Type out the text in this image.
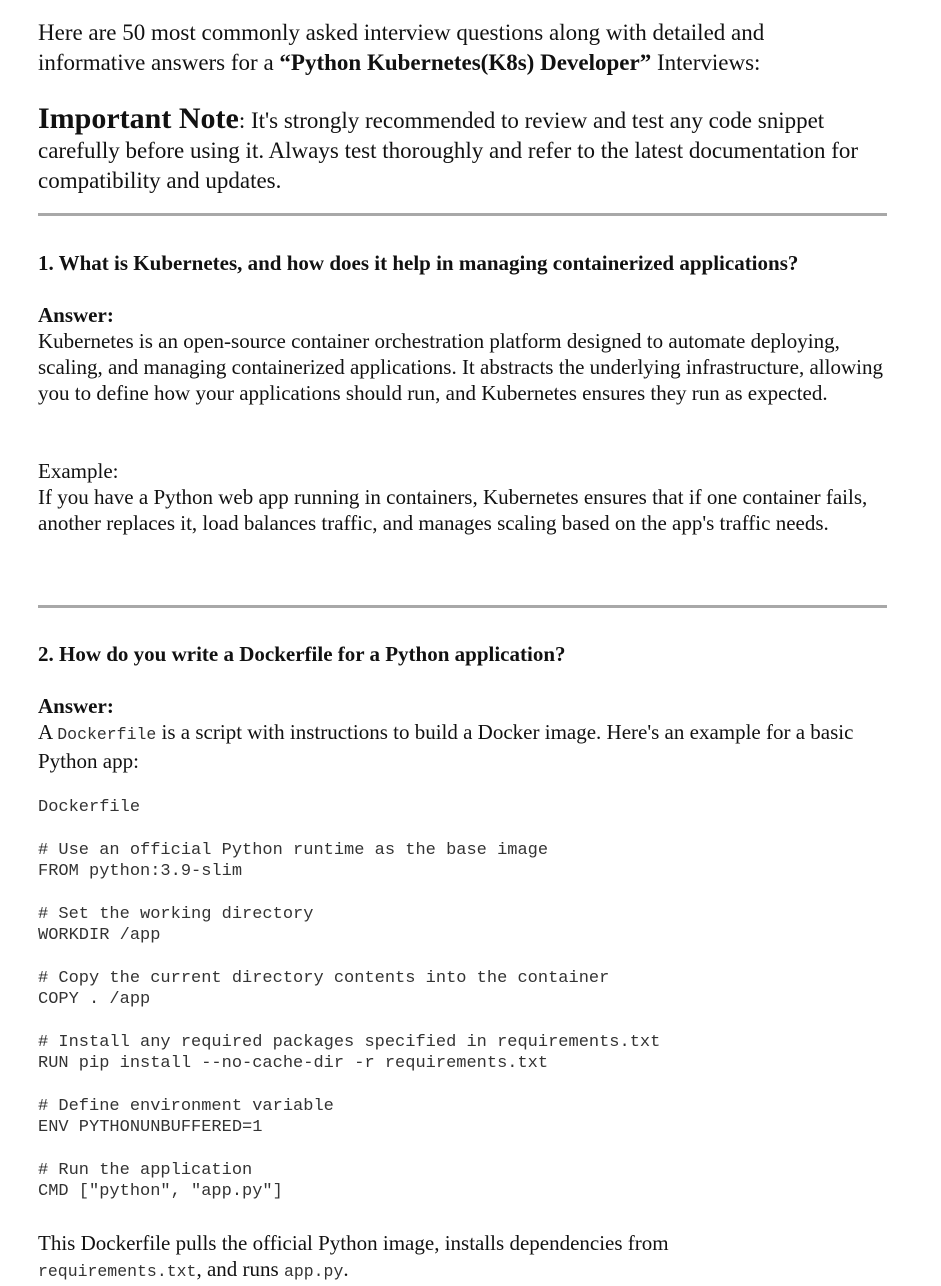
Here are 50 most commonly asked interview questions along with detailed and
informative answers for a “Python Kubernetes(K8s) Developer” Interviews:
Important Note: It's strongly recommended to review and test any code snippet carefully before using it. Always test thoroughly and refer to the latest documentation for compatibility and updates.
1. What is Kubernetes, and how does it help in managing containerized applications?
Answer:
Kubernetes is an open-source container orchestration platform designed to automate deploying, scaling, and managing containerized applications. It abstracts the underlying infrastructure, allowing you to define how your applications should run, and Kubernetes ensures they run as expected.
Example:
If you have a Python web app running in containers, Kubernetes ensures that if one container fails, another replaces it, load balances traffic, and manages scaling based on the app's traffic needs.
2. How do you write a Dockerfile for a Python application?
Answer:
A Dockerfile is a script with instructions to build a Docker image. Here's an example for a basic Python app:
Dockerfile
# Use an official Python runtime as the base image
FROM python:3.9-slim
# Set the working directory
WORKDIR /app
# Copy the current directory contents into the container
COPY . /app
# Install any required packages specified in requirements.txt
RUN pip install --no-cache-dir -r requirements.txt
# Define environment variable
ENV PYTHONUNBUFFERED=1
# Run the application
CMD ["python", "app.py"]
This Dockerfile pulls the official Python image, installs dependencies from
requirements.txt, and runs app.py.
